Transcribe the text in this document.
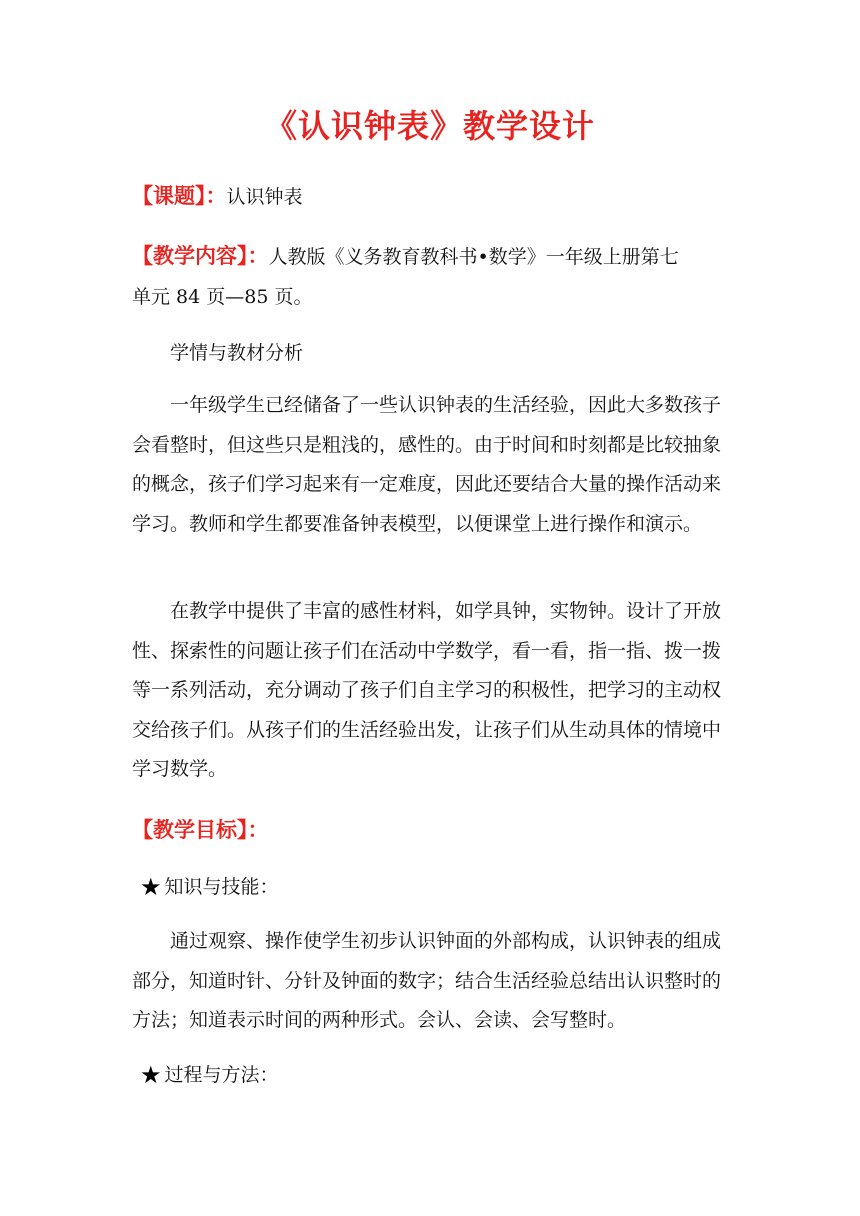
《认识钟表》教学设计
【课题】：认识钟表
【教学内容】：人教版《义务教育教科书•数学》一年级上册第七
单元 84 页—85 页。
学情与教材分析
一年级学生已经储备了一些认识钟表的生活经验，因此大多数孩子会看整时，但这些只是粗浅的，感性的。由于时间和时刻都是比较抽象的概念，孩子们学习起来有一定难度，因此还要结合大量的操作活动来学习。教师和学生都要准备钟表模型，以便课堂上进行操作和演示。
在教学中提供了丰富的感性材料，如学具钟，实物钟。设计了开放性、探索性的问题让孩子们在活动中学数学，看一看，指一指、拨一拨等一系列活动，充分调动了孩子们自主学习的积极性，把学习的主动权交给孩子们。从孩子们的生活经验出发，让孩子们从生动具体的情境中学习数学。
【教学目标】：
★ 知识与技能：
通过观察、操作使学生初步认识钟面的外部构成，认识钟表的组成部分，知道时针、分针及钟面的数字；结合生活经验总结出认识整时的方法；知道表示时间的两种形式。会认、会读、会写整时。
★ 过程与方法：
